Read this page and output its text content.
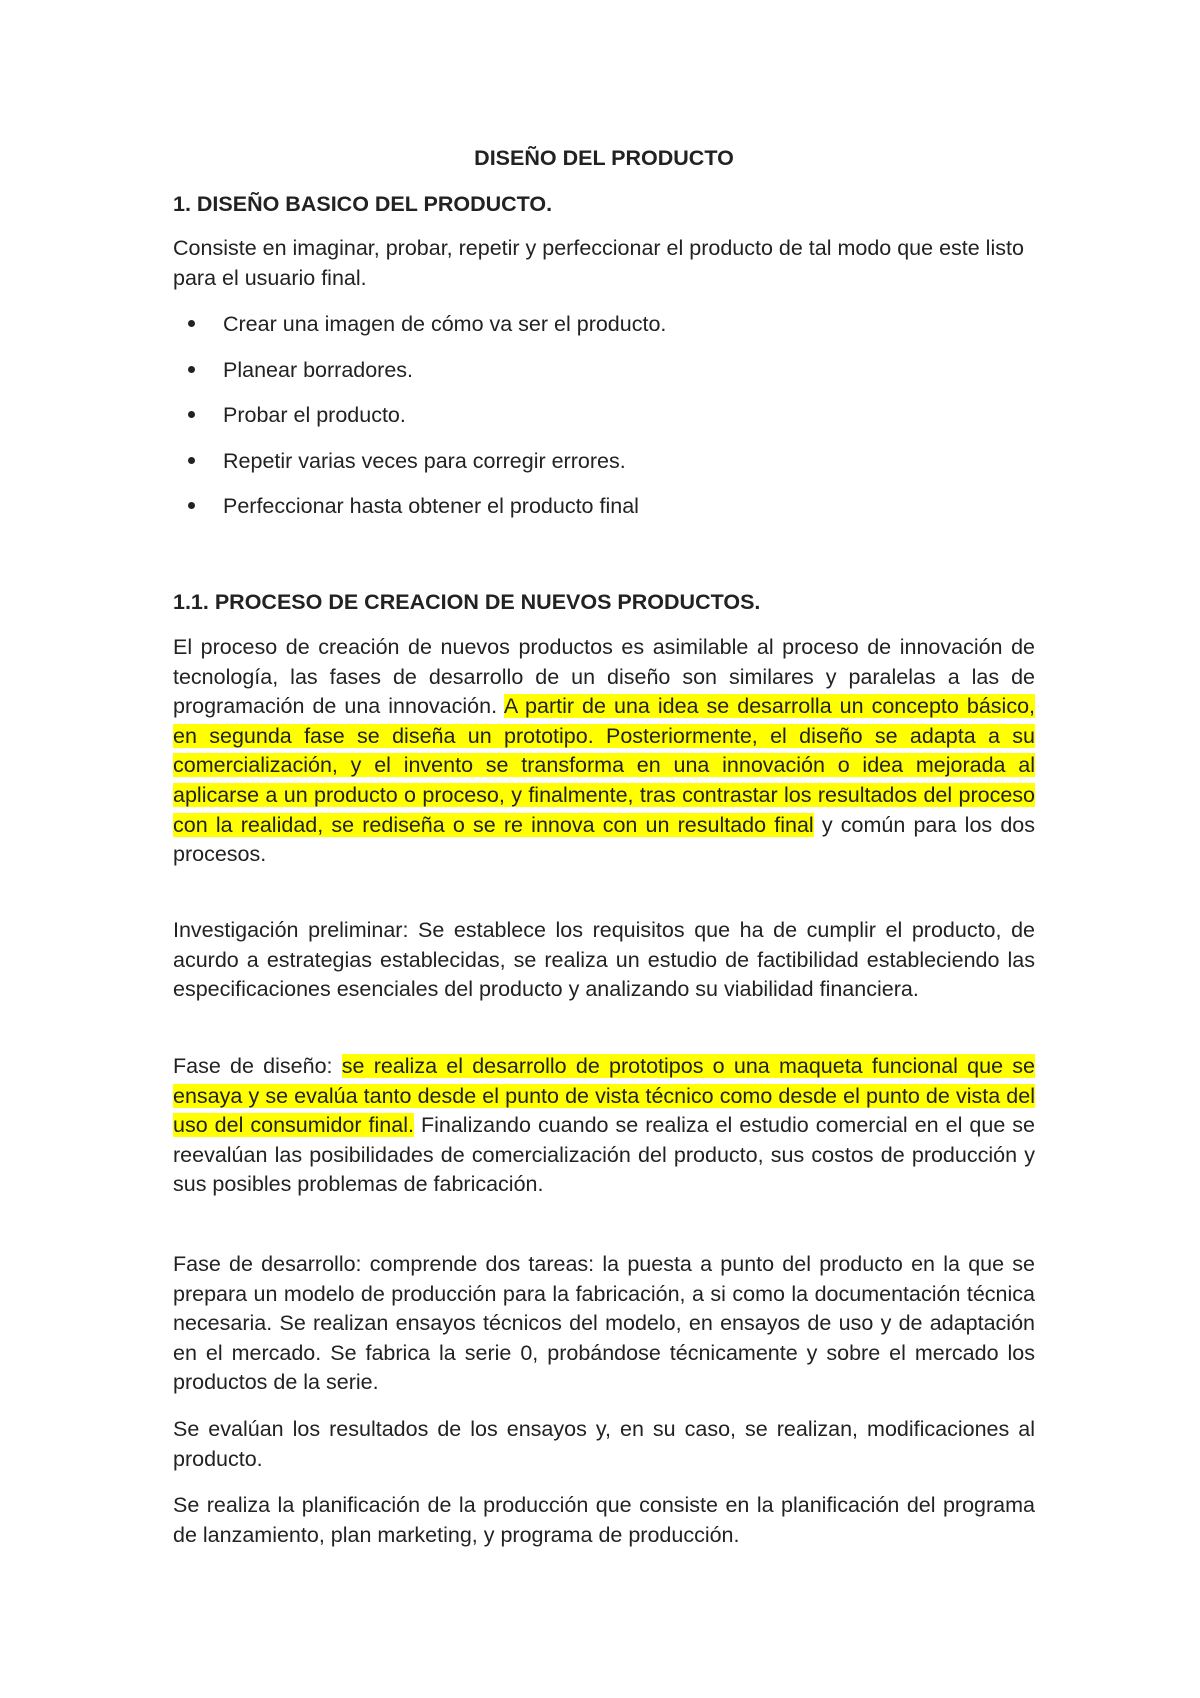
DISEÑO DEL PRODUCTO
1. DISEÑO BASICO DEL PRODUCTO.

Consiste en imaginar, probar, repetir y perfeccionar el producto de tal modo que este listo para el usuario final.

Crear una imagen de cómo va ser el producto.
Planear borradores.
Probar el producto.
Repetir varias veces para corregir errores.
Perfeccionar hasta obtener el producto final
1.1. PROCESO DE CREACION DE NUEVOS PRODUCTOS.

El proceso de creación de nuevos productos es asimilable al proceso de innovación de tecnología, las fases de desarrollo de un diseño son similares y paralelas a las de programación de una innovación. A partir de una idea se desarrolla un concepto básico, en segunda fase se diseña un prototipo. Posteriormente, el diseño se adapta a su comercialización, y el invento se transforma en una innovación o idea mejorada al aplicarse a un producto o proceso, y finalmente, tras contrastar los resultados del proceso con la realidad, se rediseña o se re innova con un resultado final y común para los dos procesos.

Investigación preliminar: Se establece los requisitos que ha de cumplir el producto, de acurdo a estrategias establecidas, se realiza un estudio de factibilidad estableciendo las especificaciones esenciales del producto y analizando su viabilidad financiera.

Fase de diseño: se realiza el desarrollo de prototipos o una maqueta funcional que se ensaya y se evalúa tanto desde el punto de vista técnico como desde el punto de vista del uso del consumidor final. Finalizando cuando se realiza el estudio comercial en el que se reevalúan las posibilidades de comercialización del producto, sus costos de producción y sus posibles problemas de fabricación.

Fase de desarrollo: comprende dos tareas: la puesta a punto del producto en la que se prepara un modelo de producción para la fabricación, a si como la documentación técnica necesaria. Se realizan ensayos técnicos del modelo, en ensayos de uso y de adaptación en el mercado. Se fabrica la serie 0, probándose técnicamente y sobre el mercado los productos de la serie.

Se evalúan los resultados de los ensayos y, en su caso, se realizan, modificaciones al producto.

Se realiza la planificación de la producción que consiste en la planificación del programa de lanzamiento, plan marketing, y programa de producción.
